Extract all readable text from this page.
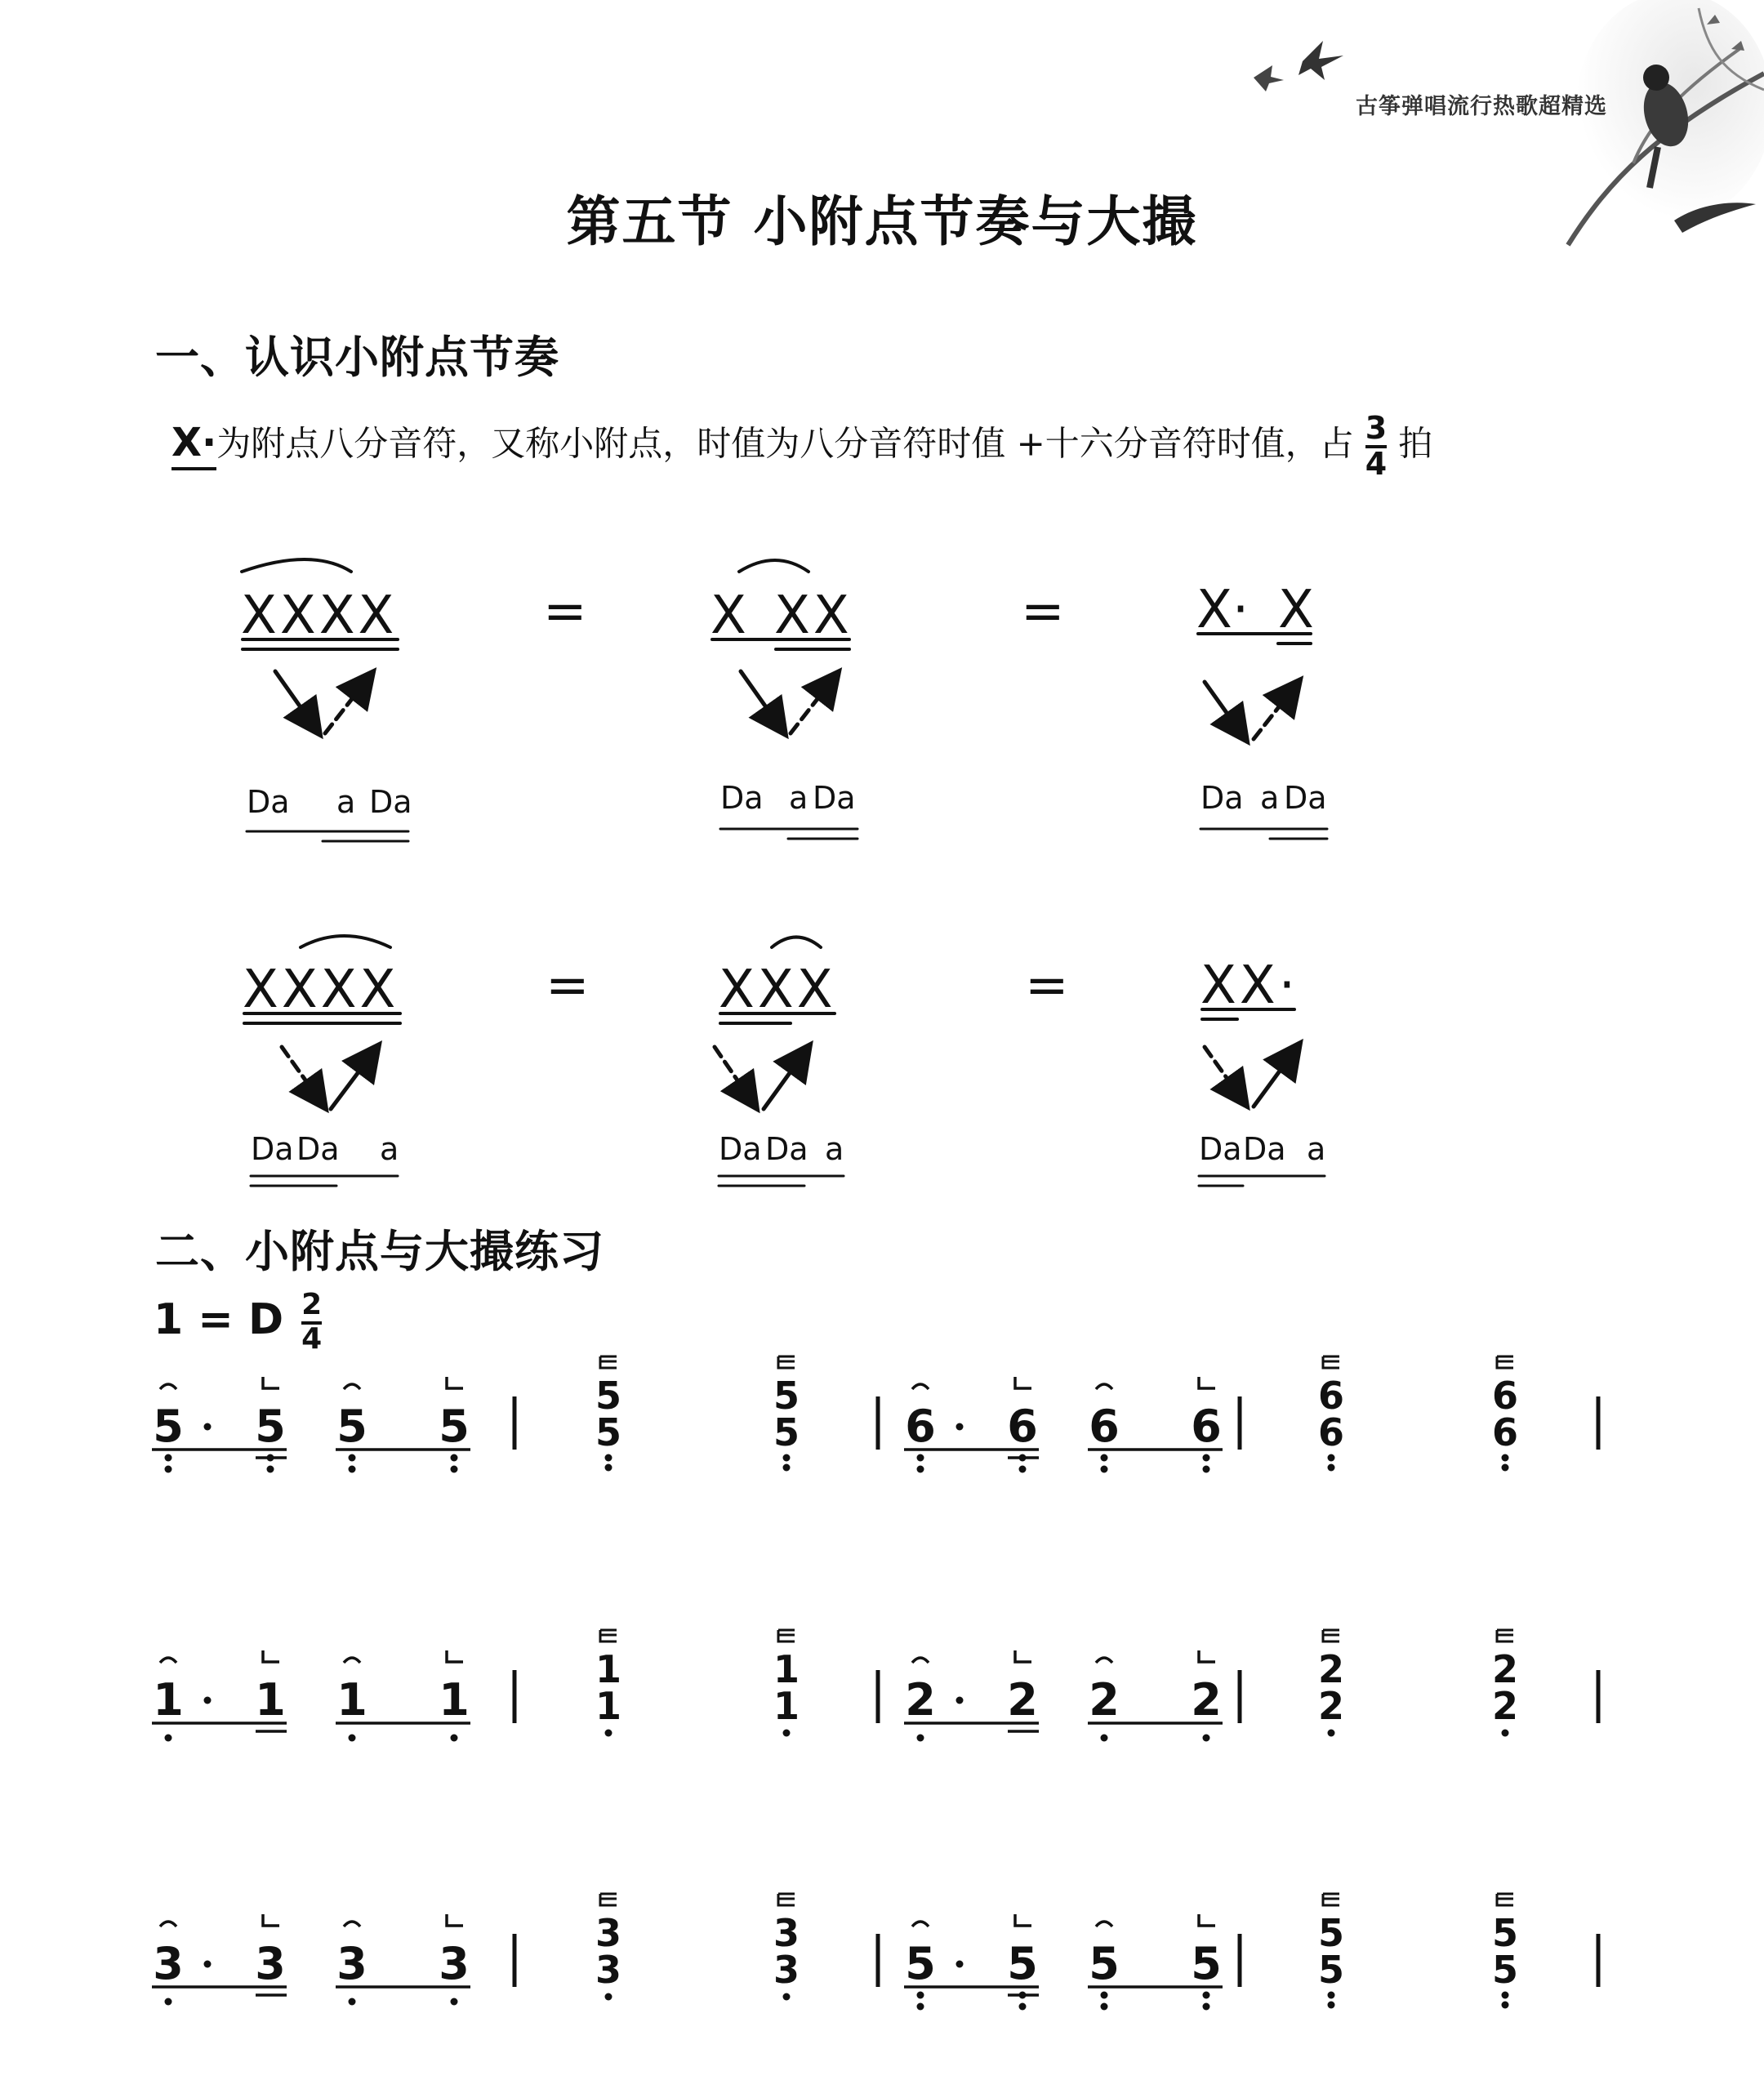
古筝弹唱流行热歌超精选
第五节 小附点节奏与大撮
一、认识小附点节奏
X·为附点八分音符，又称小附点，时值为八分音符时值 +十六分音符时值，占 $\frac{3}{4}$ 拍
XXXX
Da a Da
= X XX
Da a Da
=	X· X
Da a Da
XXXX
Da Da a
= XXX
Da Da a
=	XX·
Da Da a
二、小附点与大撮练习
1 = D $\frac{2}{4}$
5 5 5 5	6 6 6 6
5
5
5
5
6
6
6
6
1 1 1 1	2 2 2 2
1
1
1
1
2
2
2
2
3 3 3 3	5 5 5 5
3
3
3
3
5
5
5
5
